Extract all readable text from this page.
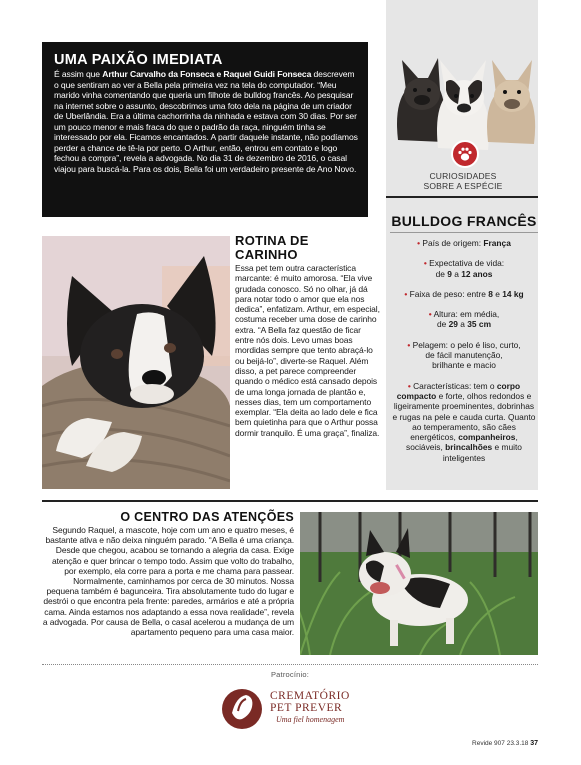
UMA PAIXÃO IMEDIATA

É assim que Arthur Carvalho da Fonseca e Raquel Guidi Fonseca descrevem o que sentiram ao ver a Bella pela primeira vez na tela do computador. “Meu marido vinha comentando que queria um filhote de bulldog francês. Ao pesquisar na internet sobre o assunto, descobrimos uma foto dela na página de um criador de Uberlândia. Era a última cachorrinha da ninhada e estava com 30 dias. Por ser um pouco menor e mais fraca do que o padrão da raça, ninguém tinha se interessado por ela. Ficamos encantados. A partir daquele instante, não podíamos perder a chance de tê-la por perto. O Arthur, então, entrou em contato e logo fechou a compra”, revela a advogada. No dia 31 de dezembro de 2016, o casal viajou para buscá-la. Para os dois, Bella foi um verdadeiro presente de Ano Novo.

CURIOSIDADES
SOBRE A ESPÉCIE
BULLDOG FRANCÊS
• País de origem: França
• Expectativa de vida:
de 9 a 12 anos
• Faixa de peso: entre 8 e 14 kg
• Altura: em média,
de 29 a 35 cm
• Pelagem: o pelo é liso, curto,
de fácil manutenção,
brilhante e macio
• Características: tem o corpo compacto e forte, olhos redondos e ligeiramente proeminentes, dobrinhas e rugas na pele e cauda curta. Quanto ao temperamento, são cães energéticos, companheiros, sociáveis, brincalhões e muito inteligentes
ROTINA DE
CARINHO

Essa pet tem outra característica marcante: é muito amorosa. “Ela vive grudada conosco. Só no olhar, já dá para notar todo o amor que ela nos dedica”, enfatizam. Arthur, em especial, costuma receber uma dose de carinho extra. “A Bella faz questão de ficar entre nós dois. Levo umas boas mordidas sempre que tento abraçá-lo ou beijá-lo”, diverte-se Raquel. Além disso, a pet parece compreender quando o médico está cansado depois de uma longa jornada de plantão e, nesses dias, tem um comportamento exemplar. “Ela deita ao lado dele e fica bem quietinha para que o Arthur possa dormir tranquilo. É uma graça”, finaliza.

O CENTRO DAS ATENÇÕES

Segundo Raquel, a mascote, hoje com um ano e quatro meses, é bastante ativa e não deixa ninguém parado. “A Bella é uma criança. Desde que chegou, acabou se tornando a alegria da casa. Exige atenção e quer brincar o tempo todo. Assim que volto do trabalho, por exemplo, ela corre para a porta e me chama para passear. Normalmente, caminhamos por cerca de 30 minutos. Nossa pequena também é bagunceira. Tira absolutamente tudo do lugar e destrói o que encontra pela frente: paredes, armários e até a própria cama. Ainda estamos nos adaptando a essa nova realidade”, revela a advogada. Por causa de Bella, o casal acelerou a mudança de um apartamento pequeno para uma casa maior.

Patrocínio:
CREMATÓRIO
PET PREVER
Uma fiel homenagem
Revide 907 23.3.18 37
